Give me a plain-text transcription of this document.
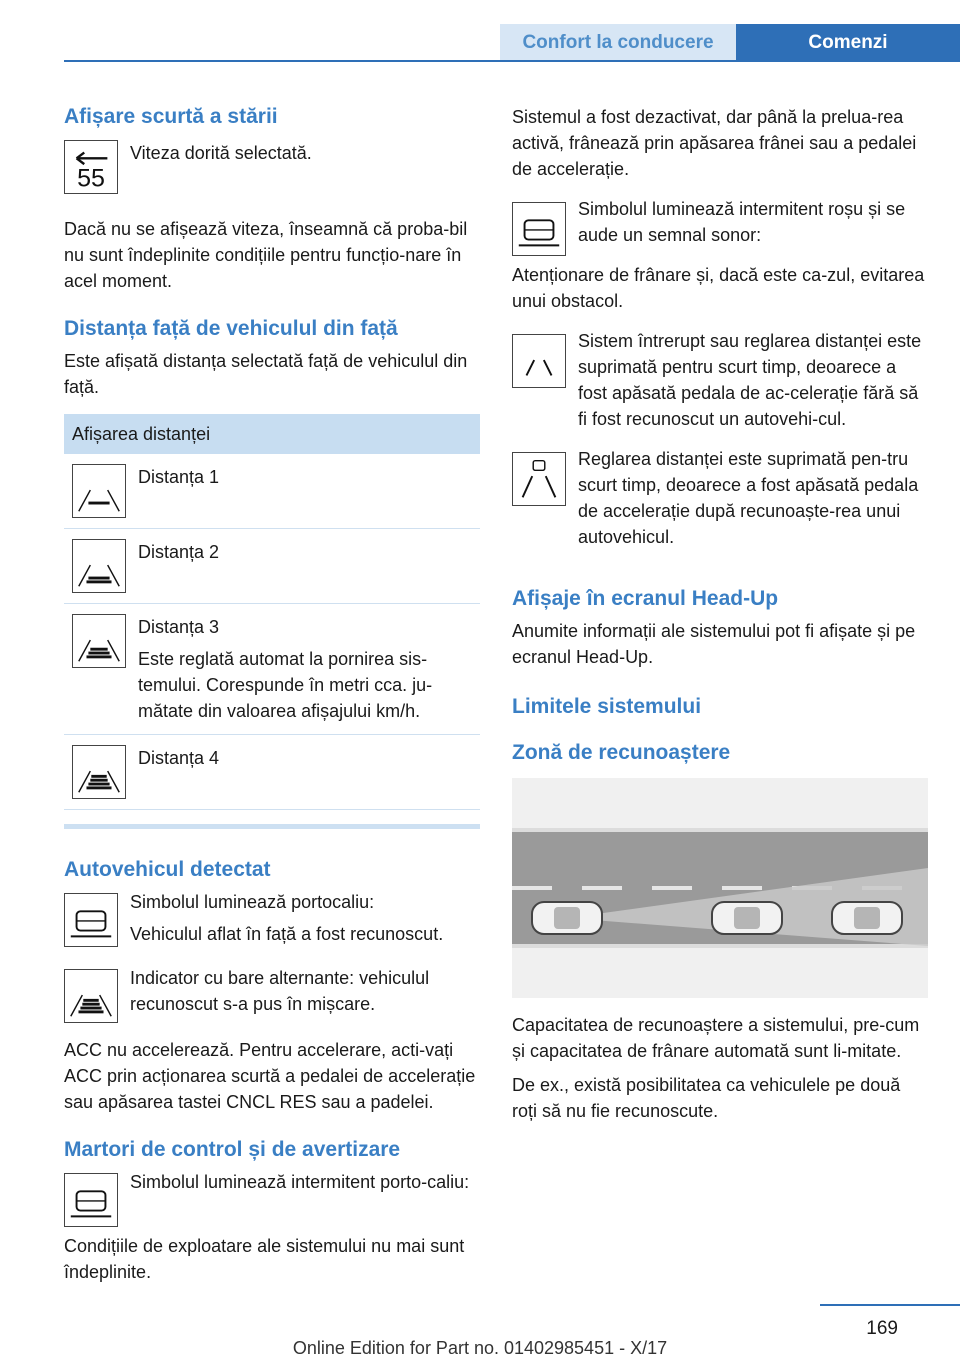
Confort la conducere	Comenzi
Afișare scurtă a stării
55

Viteza dorită selectată.

Dacă nu se afișează viteza, înseamnă că proba-bil nu sunt îndeplinite condițiile pentru funcțio-nare în acel moment.

Distanța față de vehiculul din față

Este afișată distanța selectată față de vehiculul din față.

Afișarea distanței

Distanța 1

Distanța 2

Distanța 3

Este reglată automat la pornirea sis-temului. Corespunde în metri cca. ju-mătate din valoarea afișajului km/h.

Distanța 4

Autovehicul detectat

Simbolul luminează portocaliu:

Vehiculul aflat în față a fost recunoscut.

Indicator cu bare alternante: vehiculul recunoscut s-a pus în mișcare.

ACC nu accelerează. Pentru accelerare, acti-vați ACC prin acționarea scurtă a pedalei de accelerație sau apăsarea tastei CNCL RES sau a padelei.

Martori de control și de avertizare

Simbolul luminează intermitent porto-caliu:

Condițiile de exploatare ale sistemului nu mai sunt îndeplinite.

Sistemul a fost dezactivat, dar până la prelua-rea activă, frânează prin apăsarea frânei sau a pedalei de accelerație.

Simbolul luminează intermitent roșu și se aude un semnal sonor:

Atenționare de frânare și, dacă este ca-zul, evitarea unui obstacol.

Sistem întrerupt sau reglarea distanței este suprimată pentru scurt timp, deoarece a fost apăsată pedala de ac-celerație fără să fi fost recunoscut un autovehi-cul.

Reglarea distanței este suprimată pen-tru scurt timp, deoarece a fost apăsată pedala de accelerație după recunoaște-rea unui autovehicul.

Afișaje în ecranul Head-Up

Anumite informații ale sistemului pot fi afișate și pe ecranul Head-Up.

Limitele sistemului
Zonă de recunoaștere

Capacitatea de recunoaștere a sistemului, pre-cum și capacitatea de frânare automată sunt li-mitate.

De ex., există posibilitatea ca vehiculele pe două roți să nu fie recunoscute.

169
Online Edition for Part no. 01402985451 - X/17
